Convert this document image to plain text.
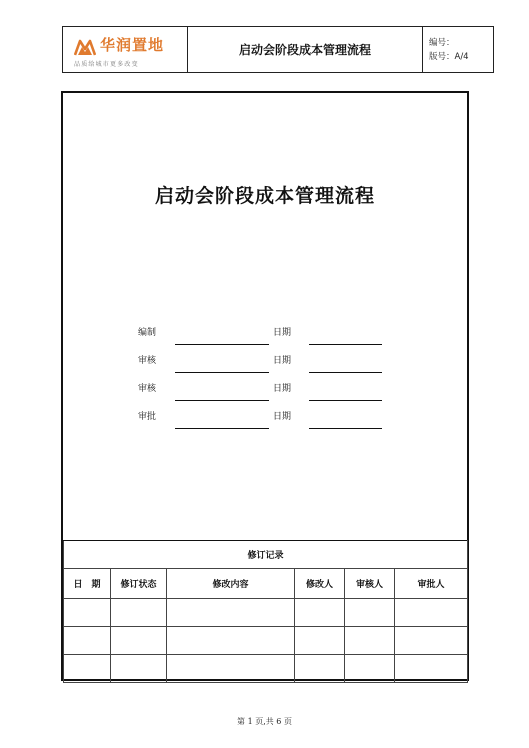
华润置地
品质给城市更多改变
启动会阶段成本管理流程	编号：
版号：A/4
启动会阶段成本管理流程
编制	日期
审核	日期
审核	日期
审批	日期
修订记录					
日　期	修订状态	修改内容	修改人	审核人	审批人

第 1 页,共 6 页
